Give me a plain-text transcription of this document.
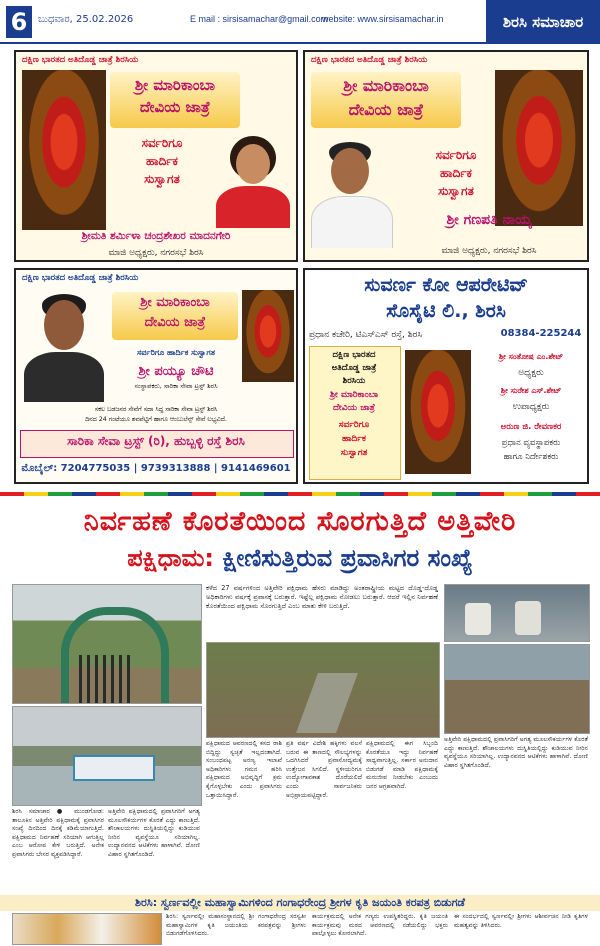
6	ಬುಧವಾರ, 25.02.2026	E mail : sirsisamachar@gmail.com
website: www.sirsisamachar.in	ಶಿರಸಿ ಸಮಾಚಾರ
ದಕ್ಷಿಣ ಭಾರತದ ಅತಿದೊಡ್ಡ ಜಾತ್ರೆ ಶಿರಸಿಯ
ಶ್ರೀ ಮಾರಿಕಾಂಬಾ
ದೇವಿಯ ಜಾತ್ರೆ
ಸರ್ವರಿಗೂ
ಹಾರ್ದಿಕ
ಸುಸ್ವಾಗತ
ಶ್ರೀಮತಿ ಶರ್ಮಿಳಾ ಚಂದ್ರಶೇಖರ ಮಾದನಗೇರಿ
ಮಾಜಿ ಅಧ್ಯಕ್ಷರು, ನಗರಸಭೆ ಶಿರಸಿ
ದಕ್ಷಿಣ ಭಾರತದ ಅತಿದೊಡ್ಡ ಜಾತ್ರೆ ಶಿರಸಿಯ
ಶ್ರೀ ಮಾರಿಕಾಂಬಾ
ದೇವಿಯ ಜಾತ್ರೆ
ಸರ್ವರಿಗೂ
ಹಾರ್ದಿಕ
ಸುಸ್ವಾಗತ
ಶ್ರೀ ಗಣಪತಿ ನಾಯ್ಕ
ಮಾಜಿ ಅಧ್ಯಕ್ಷರು, ನಗರಸಭೆ ಶಿರಸಿ
ದಕ್ಷಿಣ ಭಾರತದ ಅತಿದೊಡ್ಡ ಜಾತ್ರೆ ಶಿರಸಿಯ
ಶ್ರೀ ಮಾರಿಕಾಂಬಾ
ದೇವಿಯ ಜಾತ್ರೆ
ಸರ್ವರಿಗೂ ಹಾರ್ದಿಕ ಸುಸ್ವಾಗತ
ಶ್ರೀ ಪಯ್ಯೂ ಚೌಟಿ
ಸಂಸ್ಥಾಪಕರು, ಸಾರಿಕಾ ಸೇವಾ ಟ್ರಸ್ಟ್ ಶಿರಸಿ
ಸಕಲ ಬಡಜನರ ಸೇವೆಗೆ ಸದಾ ಸಿದ್ಧ ಸಾರಿಕಾ ಸೇವಾ ಟ್ರಸ್ಟ್ ಶಿರಸಿ
ದಿನದ 24 ಗಂಟೆಯೂ ಶವಪೆಟ್ಟಿಗೆ ಹಾಗೂ ಆಂಬುಲೆನ್ಸ್ ಸೇವೆ ಲಭ್ಯವಿದೆ.
ಸಾರಿಕಾ ಸೇವಾ ಟ್ರಸ್ಟ್ (ರಿ), ಹುಬ್ಬಳ್ಳಿ ರಸ್ತೆ ಶಿರಸಿ
ಮೊಬೈಲ್: 7204775035 | 9739313888 | 9141469601
ಸುವರ್ಣ ಕೋ ಆಪರೇಟಿವ್
ಸೊಸೈಟಿ ಲಿ., ಶಿರಸಿ
ಪ್ರಧಾನ ಕಚೇರಿ, ಟಿಎಸ್‌ಎಸ್ ರಸ್ತೆ, ಶಿರಸಿ	08384-225244
ದಕ್ಷಿಣ ಭಾರತದ
ಅತಿದೊಡ್ಡ ಜಾತ್ರೆ
ಶಿರಸಿಯ
ಶ್ರೀ ಮಾರಿಕಾಂಬಾ
ದೇವಿಯ ಜಾತ್ರೆ
ಸರ್ವರಿಗೂ
ಹಾರ್ದಿಕ
ಸುಸ್ವಾಗತ
ಶ್ರೀ ಸಂತೋಷ ಎಂ.ಶೇಟ್
ಅಧ್ಯಕ್ಷರು
ಶ್ರೀ ಸುರೇಶ ಎಸ್.ಶೇಟ್
ಉಪಾಧ್ಯಕ್ಷರು
ಅರುಣ ಜಿ. ರೇವಣಕರ
ಪ್ರಧಾನ ವ್ಯವಸ್ಥಾಪಕರು
ಹಾಗೂ ನಿರ್ದೇಶಕರು
ನಿರ್ವಹಣೆ ಕೊರತೆಯಿಂದ ಸೊರಗುತ್ತಿದೆ ಅತ್ತಿವೇರಿ
ಪಕ್ಷಿಧಾಮ: ಕ್ಷೀಣಿಸುತ್ತಿರುವ ಪ್ರವಾಸಿಗರ ಸಂಖ್ಯೆ
ಕಳೆದ 27 ವರ್ಷಗಳಿಂದ ಅತ್ತಿವೇರಿ ಪಕ್ಷಿಧಾಮ ಹೆಸರು ಮಾಡಿದ್ದು ಅಂತರಾಷ್ಟ್ರೀಯ ಮಟ್ಟದ ದೊಡ್ಡ-ದೊಡ್ಡ ಅಧಿಕಾರಿಗಳು ವರ್ಷಕ್ಕೆ ಪ್ರವಾಸಕ್ಕೆ ಬರುತ್ತಾರೆ. ಇಷ್ಟೆಲ್ಲ ಪಕ್ಷಿಧಾಮ ನೋಡಲು ಬರುತ್ತಾರೆ. ಆದರೆ ಇಲ್ಲಿನ ನಿರ್ವಹಣೆ ಕೊರತೆಯಿಂದ ಪಕ್ಷಿಧಾಮ ಸೊರಗುತ್ತಿದೆ ಎಂಬ ಮಾತು ಕೇಳಿ ಬರುತ್ತಿದೆ.
ಶಿರಸಿ ಸಮಾಚಾರ ● ಮುಂಡಗೋಡ: ತಾಲೂಕಿನ ಅತ್ತಿವೇರಿ ಪಕ್ಷಿಧಾಮಕ್ಕೆ ಪ್ರವಾಸಿಗರ ಸಂಖ್ಯೆ ದಿನದಿಂದ ದಿನಕ್ಕೆ ಕಡಿಮೆಯಾಗುತ್ತಿದೆ. ಪಕ್ಷಿಧಾಮದ ನಿರ್ವಹಣೆ ಸರಿಯಾಗಿ ಆಗುತ್ತಿಲ್ಲ ಎಂಬ ಆರೋಪ ಕೇಳಿ ಬರುತ್ತಿದೆ. ಅನೇಕ ಪ್ರವಾಸಿಗರು ಬೇಸರ ವ್ಯಕ್ತಪಡಿಸಿದ್ದಾರೆ.
ಅತ್ತಿವೇರಿ ಪಕ್ಷಿಧಾಮದಲ್ಲಿ ಪ್ರವಾಸಿಗರಿಗೆ ಅಗತ್ಯ ಮೂಲಸೌಕರ್ಯಗಳ ಕೊರತೆ ಎದ್ದು ಕಾಣುತ್ತಿದೆ. ಶೌಚಾಲಯಗಳು ದುಸ್ಥಿತಿಯಲ್ಲಿದ್ದು ಕುಡಿಯುವ ನೀರಿನ ವ್ಯವಸ್ಥೆಯೂ ಸರಿಯಾಗಿಲ್ಲ. ಉದ್ಯಾನವನದ ಆಟಿಕೆಗಳು ಹಾಳಾಗಿವೆ. ದೋಣಿ ವಿಹಾರ ಸ್ಥಗಿತಗೊಂಡಿದೆ.
ಪಕ್ಷಿಧಾಮದ ಆವರಣದಲ್ಲಿ ಕಸದ ರಾಶಿ ಬಿದ್ದಿದ್ದು ಸ್ವಚ್ಛತೆ ಇಲ್ಲದಂತಾಗಿದೆ. ಸಂಬಂಧಪಟ್ಟ ಅರಣ್ಯ ಇಲಾಖೆ ಅಧಿಕಾರಿಗಳು ಗಮನ ಹರಿಸಿ ಪಕ್ಷಿಧಾಮದ ಅಭಿವೃದ್ಧಿಗೆ ಕ್ರಮ ಕೈಗೊಳ್ಳಬೇಕು ಎಂದು ಪ್ರವಾಸಿಗರು ಒತ್ತಾಯಿಸಿದ್ದಾರೆ.
ಪ್ರತಿ ವರ್ಷ ವಿದೇಶಿ ಹಕ್ಕಿಗಳು ವಲಸೆ ಬರುವ ಈ ತಾಣದಲ್ಲಿ ಸೌಲಭ್ಯಗಳನ್ನು ಒದಗಿಸಿದರೆ ಪ್ರವಾಸೋದ್ಯಮಕ್ಕೆ ಉತ್ತೇಜನ ಸಿಗಲಿದೆ. ಸ್ಥಳೀಯರಿಗೂ ಉದ್ಯೋಗಾವಕಾಶ ದೊರೆಯಲಿದೆ ಎಂದು ಸಾರ್ವಜನಿಕರು ಅಭಿಪ್ರಾಯಪಟ್ಟಿದ್ದಾರೆ.
ಪಕ್ಷಿಧಾಮದಲ್ಲಿ ಈಗ ಸಿಬ್ಬಂದಿ ಕೊರತೆಯೂ ಇದ್ದು ನಿರ್ವಹಣೆ ಸಾಧ್ಯವಾಗುತ್ತಿಲ್ಲ. ಸರ್ಕಾರ ಅನುದಾನ ಬಿಡುಗಡೆ ಮಾಡಿ ಪಕ್ಷಿಧಾಮಕ್ಕೆ ಮರುಜೀವ ನೀಡಬೇಕು ಎಂಬುದು ಜನರ ಆಗ್ರಹವಾಗಿದೆ.
ಅತ್ತಿವೇರಿ ಪಕ್ಷಿಧಾಮದಲ್ಲಿ ಪ್ರವಾಸಿಗರಿಗೆ ಅಗತ್ಯ ಮೂಲಸೌಕರ್ಯಗಳ ಕೊರತೆ ಎದ್ದು ಕಾಣುತ್ತಿದೆ. ಶೌಚಾಲಯಗಳು ದುಸ್ಥಿತಿಯಲ್ಲಿದ್ದು ಕುಡಿಯುವ ನೀರಿನ ವ್ಯವಸ್ಥೆಯೂ ಸರಿಯಾಗಿಲ್ಲ. ಉದ್ಯಾನವನದ ಆಟಿಕೆಗಳು ಹಾಳಾಗಿವೆ. ದೋಣಿ ವಿಹಾರ ಸ್ಥಗಿತಗೊಂಡಿದೆ.
ಶಿರಸಿ: ಸ್ವರ್ಣವಲ್ಲೀ ಮಹಾಸ್ವಾಮಿಗಳಿಂದ ಗಂಗಾಧರೇಂದ್ರ ಶ್ರೀಗಳ ಕೃತಿ ಜಯಂತಿ ಕರಪತ್ರ ಬಿಡುಗಡೆ
ಶಿರಸಿ: ಸ್ವರ್ಣವಲ್ಲೀ ಮಹಾಸಂಸ್ಥಾನದಲ್ಲಿ ಶ್ರೀ ಗಂಗಾಧರೇಂದ್ರ ಸರಸ್ವತೀ ಮಹಾಸ್ವಾಮಿಗಳ ಕೃತಿ ಜಯಂತಿಯ ಕರಪತ್ರವನ್ನು ಶ್ರೀಗಳು ಬಿಡುಗಡೆಗೊಳಿಸಿದರು.
ಕಾರ್ಯಕ್ರಮದಲ್ಲಿ ಅನೇಕ ಗಣ್ಯರು ಉಪಸ್ಥಿತರಿದ್ದರು. ಕೃತಿ ಜಯಂತಿ ಕಾರ್ಯಕ್ರಮವು ಮಠದ ಆವರಣದಲ್ಲಿ ನಡೆಯಲಿದ್ದು ಭಕ್ತರು ಪಾಲ್ಗೊಳ್ಳಲು ಕೋರಲಾಗಿದೆ.
ಈ ಸಂದರ್ಭದಲ್ಲಿ ಸ್ವರ್ಣವಲ್ಲೀ ಶ್ರೀಗಳು ಆಶೀರ್ವಚನ ನೀಡಿ ಕೃತಿಗಳ ಮಹತ್ವವನ್ನು ತಿಳಿಸಿದರು.
